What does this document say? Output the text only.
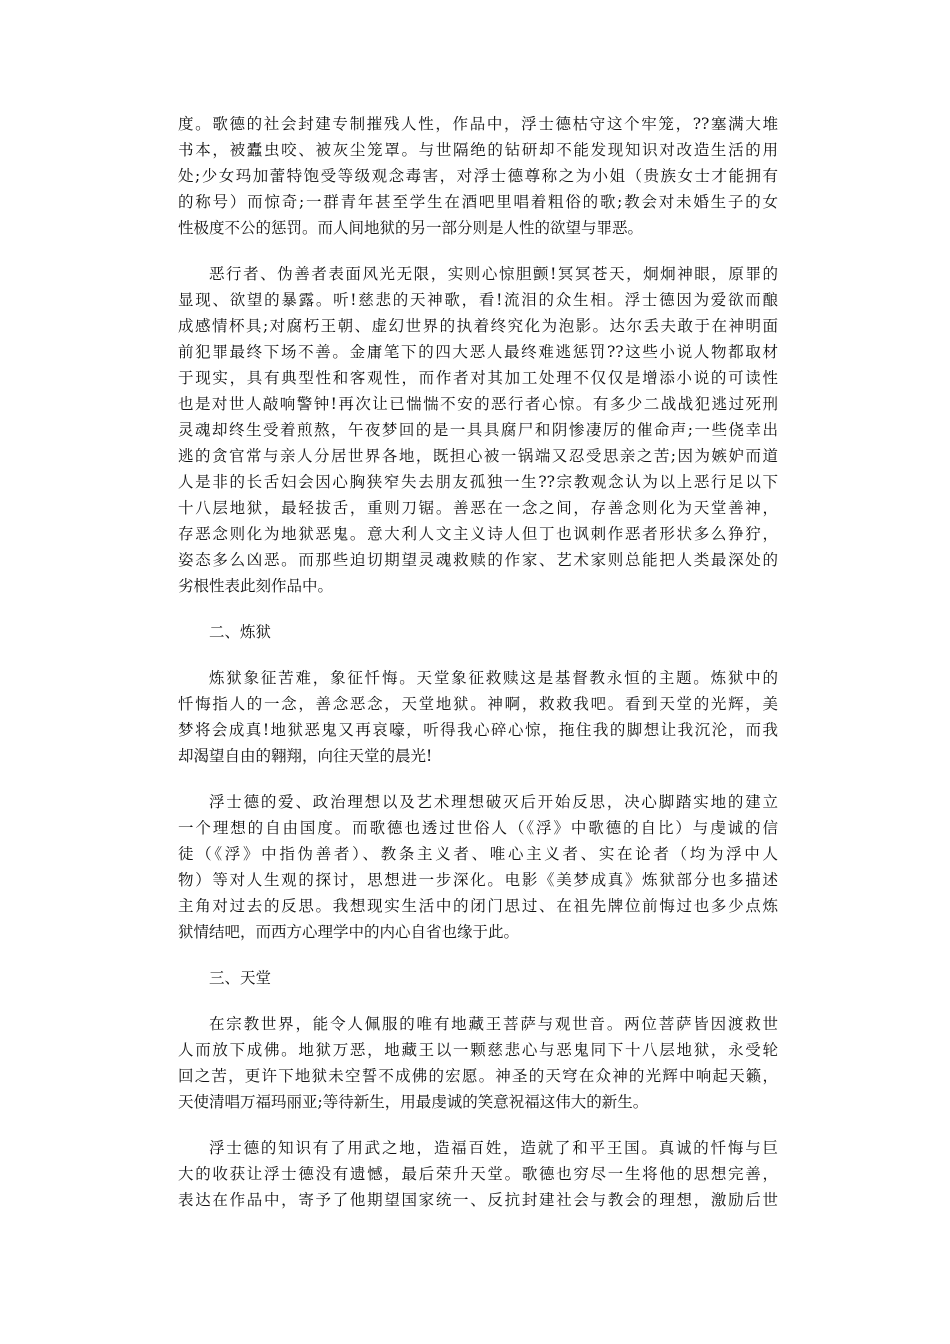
度。歌德的社会封建专制摧残人性，作品中，浮士德枯守这个牢笼，??塞满大堆
书本，被蠹虫咬、被灰尘笼罩。与世隔绝的钻研却不能发现知识对改造生活的用
处;少女玛加蕾特饱受等级观念毒害，对浮士德尊称之为小姐（贵族女士才能拥有
的称号）而惊奇;一群青年甚至学生在酒吧里唱着粗俗的歌;教会对未婚生子的女
性极度不公的惩罚。而人间地狱的另一部分则是人性的欲望与罪恶。
恶行者、伪善者表面风光无限，实则心惊胆颤!冥冥苍天，炯炯神眼，原罪的
显现、欲望的暴露。听!慈悲的天神歌，看!流泪的众生相。浮士德因为爱欲而酿
成感情杯具;对腐朽王朝、虚幻世界的执着终究化为泡影。达尔丢夫敢于在神明面
前犯罪最终下场不善。金庸笔下的四大恶人最终难逃惩罚??这些小说人物都取材
于现实，具有典型性和客观性，而作者对其加工处理不仅仅是增添小说的可读性
也是对世人敲响警钟!再次让已惴惴不安的恶行者心惊。有多少二战战犯逃过死刑
灵魂却终生受着煎熬，午夜梦回的是一具具腐尸和阴惨凄厉的催命声;一些侥幸出
逃的贪官常与亲人分居世界各地，既担心被一锅端又忍受思亲之苦;因为嫉妒而道
人是非的长舌妇会因心胸狭窄失去朋友孤独一生??宗教观念认为以上恶行足以下
十八层地狱，最轻拔舌，重则刀锯。善恶在一念之间，存善念则化为天堂善神，
存恶念则化为地狱恶鬼。意大利人文主义诗人但丁也讽刺作恶者形状多么狰狞，
姿态多么凶恶。而那些迫切期望灵魂救赎的作家、艺术家则总能把人类最深处的
劣根性表此刻作品中。
二、炼狱
炼狱象征苦难，象征忏悔。天堂象征救赎这是基督教永恒的主题。炼狱中的
忏悔指人的一念，善念恶念，天堂地狱。神啊，救救我吧。看到天堂的光辉，美
梦将会成真!地狱恶鬼又再哀嚎，听得我心碎心惊，拖住我的脚想让我沉沦，而我
却渴望自由的翱翔，向往天堂的晨光!
浮士德的爱、政治理想以及艺术理想破灭后开始反思，决心脚踏实地的建立
一个理想的自由国度。而歌德也透过世俗人（《浮》中歌德的自比）与虔诚的信
徒（《浮》中指伪善者）、教条主义者、唯心主义者、实在论者（均为浮中人
物）等对人生观的探讨，思想进一步深化。电影《美梦成真》炼狱部分也多描述
主角对过去的反思。我想现实生活中的闭门思过、在祖先牌位前悔过也多少点炼
狱情结吧，而西方心理学中的内心自省也缘于此。
三、天堂
在宗教世界，能令人佩服的唯有地藏王菩萨与观世音。两位菩萨皆因渡救世
人而放下成佛。地狱万恶，地藏王以一颗慈悲心与恶鬼同下十八层地狱，永受轮
回之苦，更许下地狱未空誓不成佛的宏愿。神圣的天穹在众神的光辉中响起天籁，
天使清唱万福玛丽亚;等待新生，用最虔诚的笑意祝福这伟大的新生。
浮士德的知识有了用武之地，造福百姓，造就了和平王国。真诚的忏悔与巨
大的收获让浮士德没有遗憾，最后荣升天堂。歌德也穷尽一生将他的思想完善，
表达在作品中，寄予了他期望国家统一、反抗封建社会与教会的理想，激励后世
